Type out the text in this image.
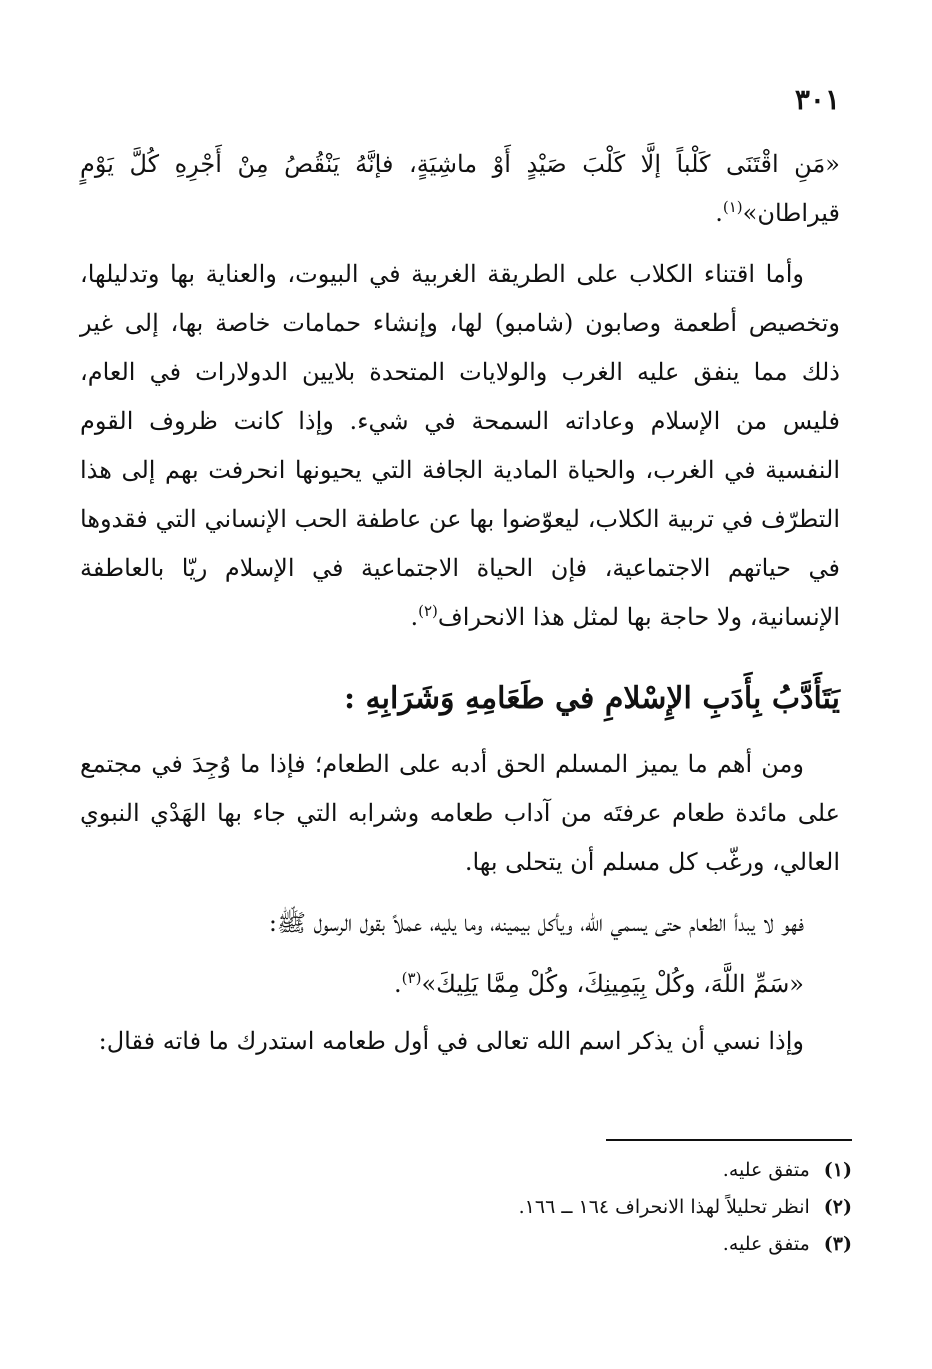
٣٠١

«مَنِ اقْتَنَى كَلْباً إلَّا كَلْبَ صَيْدٍ أَوْ ماشِيَةٍ، فإنَّهُ يَنْقُصُ مِنْ أَجْرِهِ كُلَّ يَوْمٍ قيراطان»$^{(١)}$.

وأما اقتناء الكلاب على الطريقة الغربية في البيوت، والعناية بها وتدليلها، وتخصيص أطعمة وصابون (شامبو) لها، وإنشاء حمامات خاصة بها، إلى غير ذلك مما ينفق عليه الغرب والولايات المتحدة بلايين الدولارات في العام، فليس من الإسلام وعاداته السمحة في شيء. وإذا كانت ظروف القوم النفسية في الغرب، والحياة المادية الجافة التي يحيونها انحرفت بهم إلى هذا التطرّف في تربية الكلاب، ليعوّضوا بها عن عاطفة الحب الإنساني التي فقدوها في حياتهم الاجتماعية، فإن الحياة الاجتماعية في الإسلام ريّا بالعاطفة الإنسانية، ولا حاجة بها لمثل هذا الانحراف$^{(٢)}$.

يَتَأَدَّبُ بِأَدَبِ الإِسْلامِ في طَعَامِهِ وَشَرَابِهِ :

ومن أهم ما يميز المسلم الحق أدبه على الطعام؛ فإذا ما وُجِدَ في مجتمع على مائدة طعام عرفتَه من آداب طعامه وشرابه التي جاء بها الهَدْي النبوي العالي، ورغّب كل مسلم أن يتحلى بها.

فهو لا يبدأ الطعام حتى يسمي الله، ويأكل بيمينه، وما يليه، عملاً بقول الرسول ﷺ:

«سَمِّ اللَّهَ، وكُلْ بِيَمِينِكَ، وكُلْ مِمَّا يَلِيكَ»$^{(٣)}$.

وإذا نسي أن يذكر اسم الله تعالى في أول طعامه استدرك ما فاته فقال:

(١)
متفق عليه.
(٢)
انظر تحليلاً لهذا الانحراف ١٦٤ ــ ١٦٦.
(٣)
متفق عليه.
